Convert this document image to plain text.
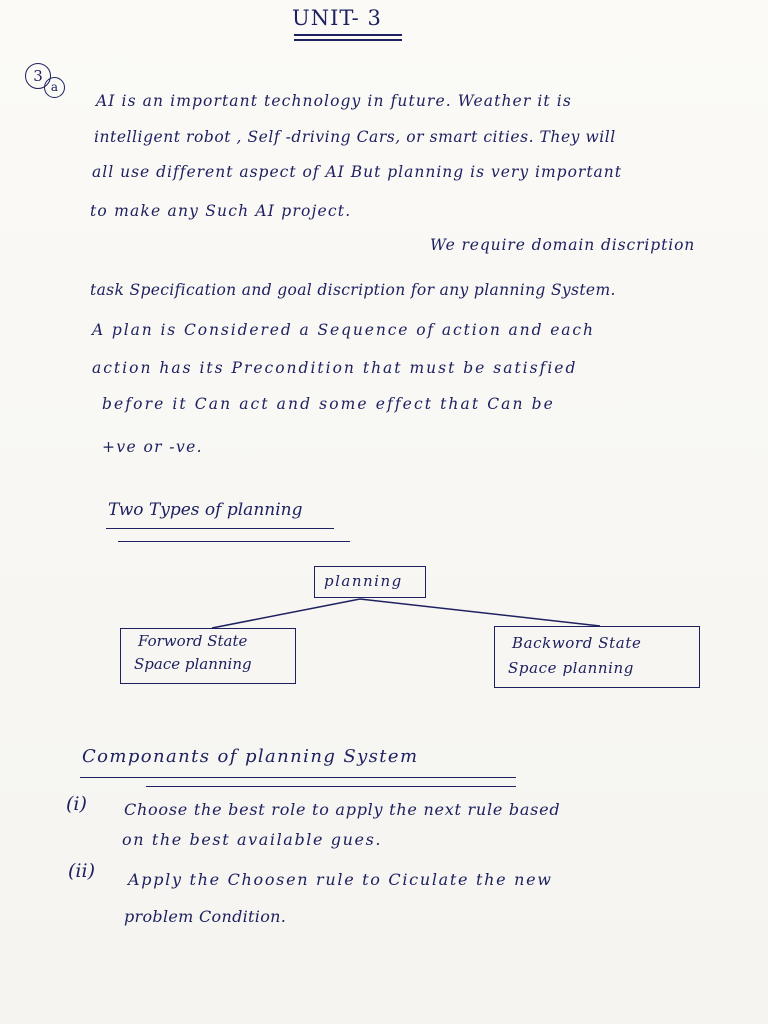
UNIT- 3
3
a
AI is an important technology in future. Weather it is
intelligent robot , Self -driving Cars, or smart cities. They will
all use different aspect of AI But planning is very important
to make any Such AI project.
We require domain discription
task Specification and goal discription for any planning System.
A plan is Considered a Sequence of action and each
action has its Precondition that must be satisfied
before it Can act and some effect that Can be
+ve or -ve.
Two Types of planning
planning
Forword State
Space planning
Backword State
Space planning
Componants of planning System
(i) Choose the best role to apply the next rule based
on the best available gues.
(ii) Apply the Choosen rule to Ciculate the new
problem Condition.
